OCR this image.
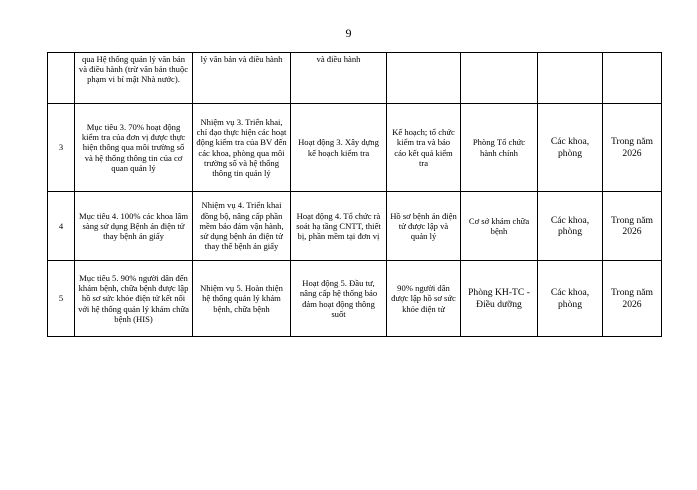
9
	qua Hệ thống quản lý văn bản và điều hành (trừ văn bản thuộc phạm vi bí mật Nhà nước).	lý văn bản và điều hành	và điều hành				
3	Mục tiêu 3. 70% hoạt động kiểm tra của đơn vị được thực hiện thông qua môi trường số và hệ thống thông tin của cơ quan quản lý	Nhiệm vụ 3. Triển khai, chỉ đạo thực hiện các hoạt động kiểm tra của BV đến các khoa, phòng qua môi trường số và hệ thống thông tin quản lý	Hoạt động 3. Xây dựng kế hoạch kiểm tra	Kế hoạch; tổ chức kiểm tra và báo cáo kết quả kiểm tra	Phòng Tổ chức hành chính	Các khoa, phòng	Trong năm 2026
4	Mục tiêu 4. 100% các khoa lâm sàng sử dụng Bệnh án điện tử thay bệnh án giấy	Nhiệm vụ 4. Triển khai đồng bộ, nâng cấp phần mềm bảo đảm vận hành, sử dụng bệnh án điện tử thay thế bệnh án giấy	Hoạt động 4. Tổ chức rà soát hạ tầng CNTT, thiết bị, phần mềm tại đơn vị	Hồ sơ bệnh án điện tử được lập và quản lý	Cơ sở khám chữa bệnh	Các khoa, phòng	Trong năm 2026
5	Mục tiêu 5. 90% người dân đến khám bệnh, chữa bệnh được lập hồ sơ sức khỏe điện tử kết nối với hệ thống quản lý khám chữa bệnh (HIS)	Nhiệm vụ 5. Hoàn thiện hệ thống quản lý khám bệnh, chữa bệnh	Hoạt động 5. Đầu tư, nâng cấp hệ thống bảo đảm hoạt động thông suốt	90% người dân được lập hồ sơ sức khỏe điện tử	Phòng KH-TC - Điều dưỡng	Các khoa, phòng	Trong năm 2026
